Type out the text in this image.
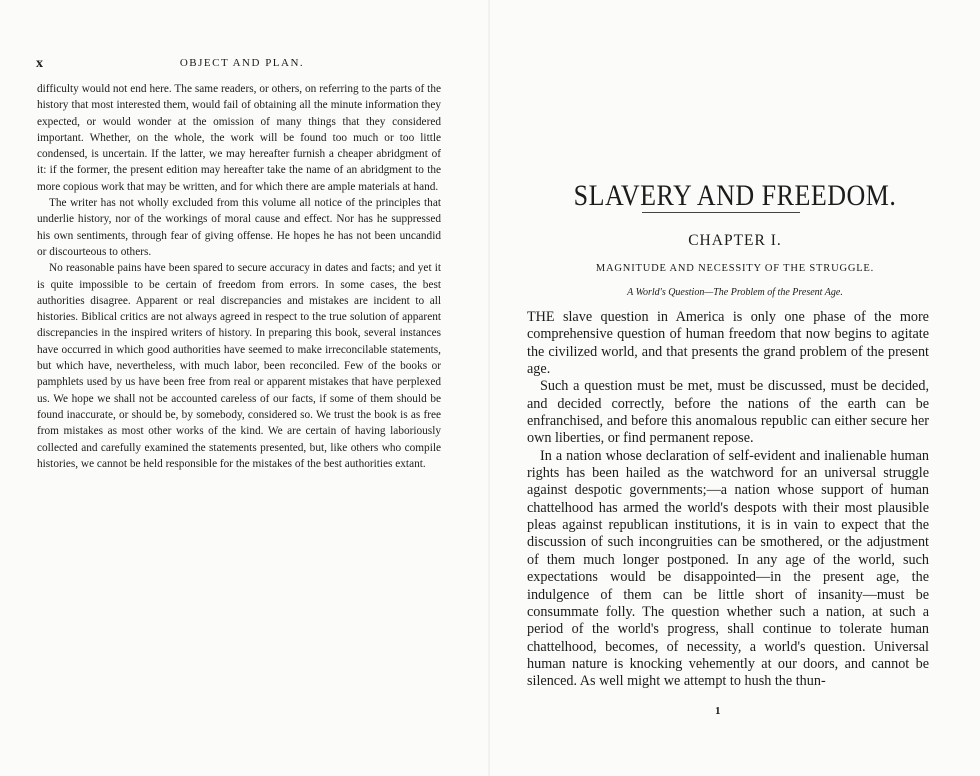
x	OBJECT AND PLAN.

difficulty would not end here. The same readers, or others, on referring to the parts of the history that most interested them, would fail of obtaining all the minute information they expected, or would wonder at the omission of many things that they considered important. Whether, on the whole, the work will be found too much or too little condensed, is uncertain. If the latter, we may hereafter furnish a cheaper abridgment of it: if the former, the present edition may hereafter take the name of an abridgment to the more copious work that may be written, and for which there are ample materials at hand.

The writer has not wholly excluded from this volume all notice of the principles that underlie history, nor of the workings of moral cause and effect. Nor has he suppressed his own sentiments, through fear of giving offense. He hopes he has not been uncandid or discourteous to others.

No reasonable pains have been spared to secure accuracy in dates and facts; and yet it is quite impossible to be certain of freedom from errors. In some cases, the best authorities disagree. Apparent or real discrepancies and mistakes are incident to all histories. Biblical critics are not always agreed in respect to the true solution of apparent discrepancies in the inspired writers of history. In preparing this book, several instances have occurred in which good authorities have seemed to make irreconcilable statements, but which have, nevertheless, with much labor, been reconciled. Few of the books or pamphlets used by us have been free from real or apparent mistakes that have perplexed us. We hope we shall not be accounted careless of our facts, if some of them should be found inaccurate, or should be, by somebody, considered so. We trust the book is as free from mistakes as most other works of the kind. We are certain of having laboriously collected and carefully examined the statements presented, but, like others who compile histories, we cannot be held responsible for the mistakes of the best authorities extant.

SLAVERY AND FREEDOM.
CHAPTER I.
MAGNITUDE AND NECESSITY OF THE STRUGGLE.
A World's Question—The Problem of the Present Age.

THE slave question in America is only one phase of the more comprehensive question of human freedom that now begins to agitate the civilized world, and that presents the grand problem of the present age.

Such a question must be met, must be discussed, must be decided, and decided correctly, before the nations of the earth can be enfranchised, and before this anomalous republic can either secure her own liberties, or find permanent repose.

In a nation whose declaration of self-evident and inalienable human rights has been hailed as the watchword for an universal struggle against despotic governments;—a nation whose support of human chattelhood has armed the world's despots with their most plausible pleas against republican institutions, it is in vain to expect that the discussion of such incongruities can be smothered, or the adjustment of them much longer postponed. In any age of the world, such expectations would be disappointed—in the present age, the indulgence of them can be little short of insanity—must be consummate folly. The question whether such a nation, at such a period of the world's progress, shall continue to tolerate human chattelhood, becomes, of necessity, a world's question. Universal human nature is knocking vehemently at our doors, and cannot be silenced. As well might we attempt to hush the thun-

1
